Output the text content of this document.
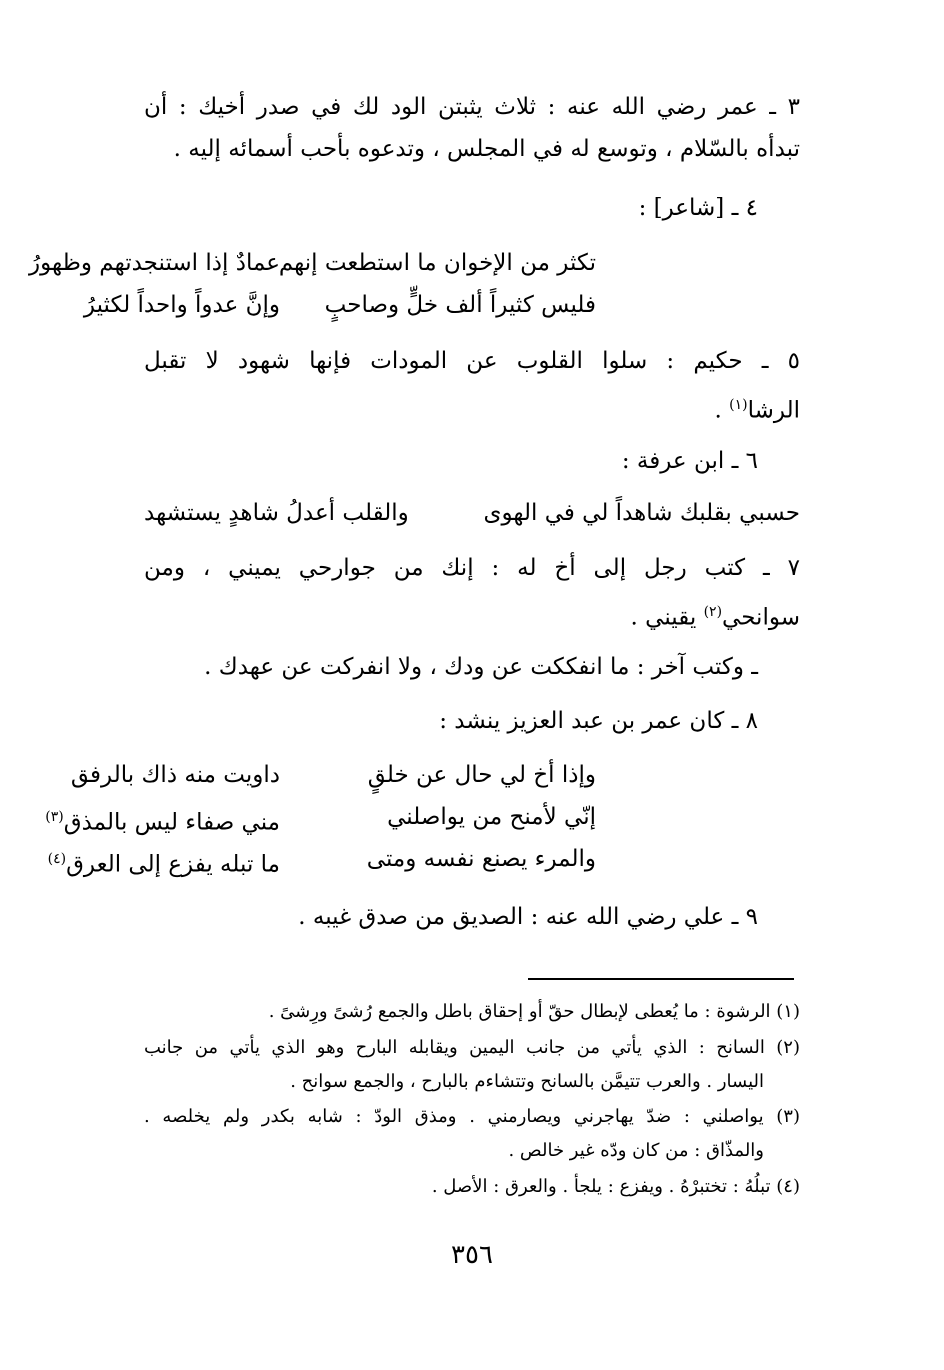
٣ ـ عمر رضي الله عنه : ثلاث يثبتن الود لك في صدر أخيك : أن
تبدأه بالسّلام ، وتوسع له في المجلس ، وتدعوه بأحب أسمائه إليه .
٤ ـ [شاعر] :
تكثر من الإخوان ما استطعت إنهم
عمادٌ إذا استنجدتهم وظهورُ
فليس كثيراً ألف خلٍّ وصاحبٍ
وإنَّ عدواً واحداً لكثيرُ
٥ ـ حكيم : سلوا القلوب عن المودات فإنها شهود لا تقبل
الرشا$^{(١)}$ .
٦ ـ ابن عرفة :
حسبي بقلبك شاهداً لي في الهوى
والقلب أعدلُ شاهدٍ يستشهد
٧ ـ كتب رجل إلى أخ له : إنك من جوارحي يميني ، ومن
سوانحي$^{(٢)}$ يقيني .
ـ وكتب آخر : ما انفككت عن ودك ، ولا انفركت عن عهدك .
٨ ـ كان عمر بن عبد العزيز ينشد :
وإذا أخ لي حال عن خلقٍ
داويت منه ذاك بالرفق
إنّي لأمنح من يواصلني
مني صفاء ليس بالمذق$^{(٣)}$
والمرء يصنع نفسه ومتى
ما تبله يفزع إلى العرق$^{(٤)}$
٩ ـ علي رضي الله عنه : الصديق من صدق غيبه .
(١) الرشوة : ما يُعطى لإبطال حقّ أو إحقاق باطل والجمع رُشىً ورِشىً .
(٢) السانح : الذي يأتي من جانب اليمين ويقابله البارح وهو الذي يأتي من جانب
اليسار . والعرب تتيمَّن بالسانح وتتشاءم بالبارح ، والجمع سوانح .
(٣) يواصلني : ضدّ يهاجرني ويصارمني . ومذق الودّ : شابه بكدر ولم يخلصه .
والمذّاق : من كان ودّه غير خالص .
(٤) تبلُهُ : تختبرْهُ . ويفزع : يلجأ . والعرق : الأصل .
٣٥٦
